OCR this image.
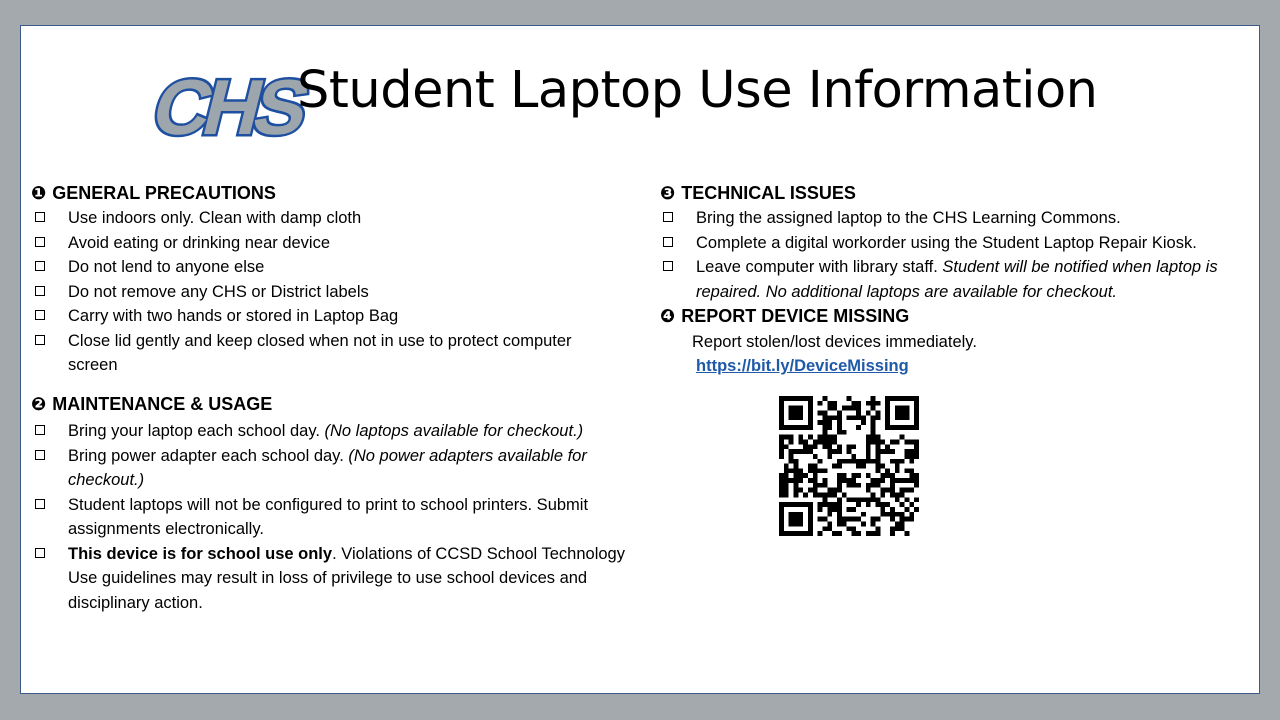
CHS
Student Laptop Use Information
❶ GENERAL PRECAUTIONS
Use indoors only. Clean with damp cloth
Avoid eating or drinking near device
Do not lend to anyone else
Do not remove any CHS or District labels
Carry with two hands or stored in Laptop Bag
Close lid gently and keep closed when not in use to protect computer screen
❷ MAINTENANCE & USAGE
Bring your laptop each school day. (No laptops available for checkout.)
Bring power adapter each school day. (No power adapters available for checkout.)
Student laptops will not be configured to print to school printers. Submit assignments electronically.
This device is for school use only. Violations of CCSD School Technology Use guidelines may result in loss of privilege to use school devices and disciplinary action.
❸ TECHNICAL ISSUES
Bring the assigned laptop to the CHS Learning Commons.
Complete a digital workorder using the Student Laptop Repair Kiosk.
Leave computer with library staff. Student will be notified when laptop is repaired. No additional laptops are available for checkout.
❹ REPORT DEVICE MISSING
Report stolen/lost devices immediately.
https://bit.ly/DeviceMissing
